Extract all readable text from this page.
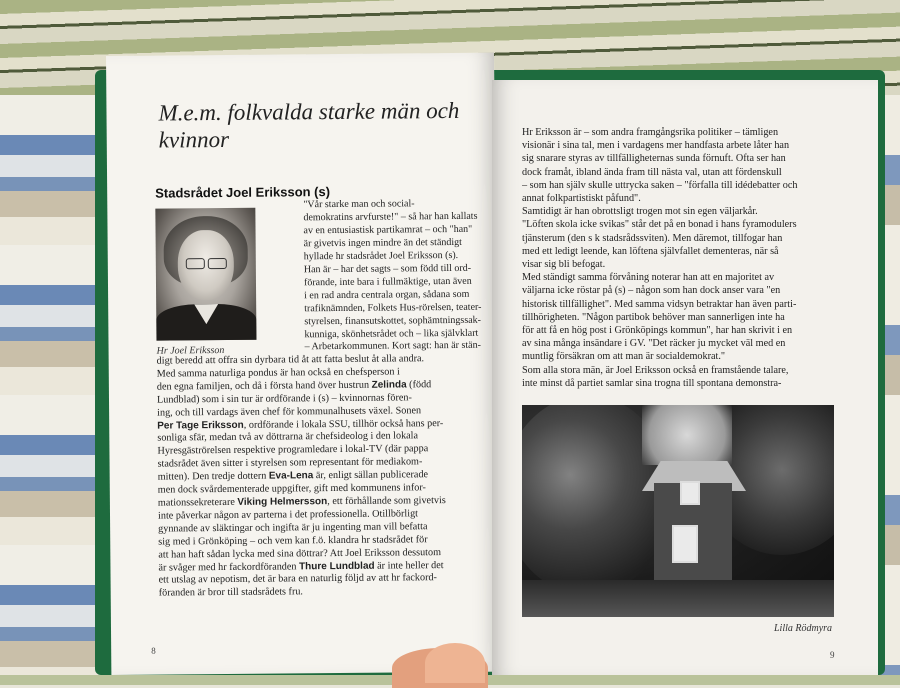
M.e.m. folkvalda starke män och kvinnor
Stadsrådet Joel Eriksson (s)
Hr Joel Eriksson
"Vår starke man och social-
demokratins arvfurste!" – så har han kallats
av en entusiastisk partikamrat – och "han"
är givetvis ingen mindre än det ständigt
hyllade hr stadsrådet Joel Eriksson (s).
Han är – har det sagts – som född till ord-
förande, inte bara i fullmäktige, utan även
i en rad andra centrala organ, sådana som
trafiknämnden, Folkets Hus-rörelsen, teater-
styrelsen, finansutskottet, sophämtningssak-
kunniga, skönhetsrådet och – lika självklart
– Arbetarkommunen. Kort sagt: han är stän-
digt beredd att offra sin dyrbara tid åt att fatta beslut åt alla andra.
Med samma naturliga pondus är han också en chefsperson i
den egna familjen, och då i första hand över hustrun Zelinda (född
Lundblad) som i sin tur är ordförande i (s) – kvinnornas fören-
ing, och till vardags även chef för kommunalhusets växel. Sonen
Per Tage Eriksson, ordförande i lokala SSU, tillhör också hans per-
sonliga sfär, medan två av döttrarna är chefsideolog i den lokala
Hyresgäströrelsen respektive programledare i lokal-TV (där pappa
stadsrådet även sitter i styrelsen som representant för mediakom-
mitten). Den tredje dottern Eva-Lena är, enligt sällan publicerade
men dock svårdementerade uppgifter, gift med kommunens infor-
mationssekreterare Viking Helmersson, ett förhållande som givetvis
inte påverkar någon av parterna i det professionella. Otillbörligt
gynnande av släktingar och ingifta är ju ingenting man vill befatta
sig med i Grönköping – och vem kan f.ö. klandra hr stadsrådet för
att han haft sådan lycka med sina döttrar? Att Joel Eriksson dessutom
är svåger med hr fackordföranden Thure Lundblad är inte heller det
ett utslag av nepotism, det är bara en naturlig följd av att hr fackord-
föranden är bror till stadsrådets fru.
8
Hr Eriksson är – som andra framgångsrika politiker – tämligen
visionär i sina tal, men i vardagens mer handfasta arbete låter han
sig snarare styras av tillfälligheternas sunda förnuft. Ofta ser han
dock framåt, ibland ända fram till nästa val, utan att fördenskull
– som han själv skulle uttrycka saken – "förfalla till idédebatter och
annat folkpartistiskt påfund".
Samtidigt är han obrottsligt trogen mot sin egen väljarkår.
"Löften skola icke svikas" står det på en bonad i hans fyramodulers
tjänsterum (den s k stadsrådssviten). Men däremot, tillfogar han
med ett ledigt leende, kan löftena självfallet dementeras, när så
visar sig bli befogat.
Med ständigt samma förvåning noterar han att en majoritet av
väljarna icke röstar på (s) – någon som han dock anser vara "en
historisk tillfällighet". Med samma vidsyn betraktar han även parti-
tillhörigheten. "Någon partibok behöver man sannerligen inte ha
för att få en hög post i Grönköpings kommun", har han skrivit i en
av sina många insändare i GV. "Det räcker ju mycket väl med en
muntlig försäkran om att man är socialdemokrat."
Som alla stora män, är Joel Eriksson också en framstående talare,
inte minst då partiet samlar sina trogna till spontana demonstra-
Lilla Rödmyra
9
